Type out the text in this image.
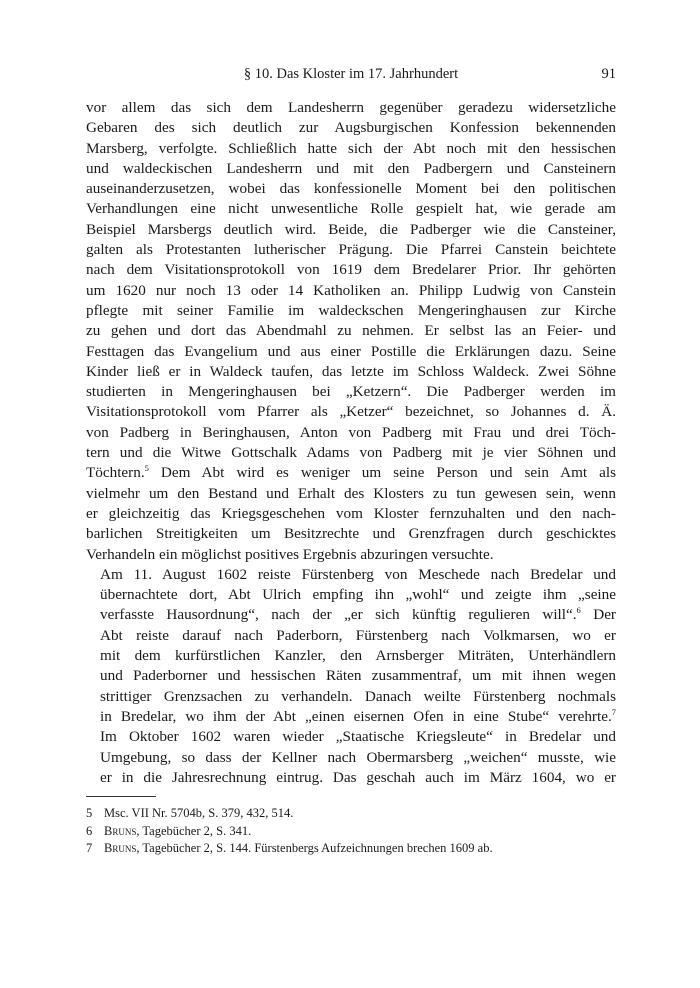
§ 10. Das Kloster im 17. Jahrhundert	91
vor allem das sich dem Landesherrn gegenüber geradezu widersetzliche
Gebaren des sich deutlich zur Augsburgischen Konfession bekennenden
Marsberg, verfolgte. Schließlich hatte sich der Abt noch mit den hessischen
und waldeckischen Landesherrn und mit den Padbergern und Cansteinern
auseinanderzusetzen, wobei das konfessionelle Moment bei den politischen
Verhandlungen eine nicht unwesentliche Rolle gespielt hat, wie gerade am
Beispiel Marsbergs deutlich wird. Beide, die Padberger wie die Cansteiner,
galten als Protestanten lutherischer Prägung. Die Pfarrei Canstein beichtete
nach dem Visitationsprotokoll von 1619 dem Bredelarer Prior. Ihr gehörten
um 1620 nur noch 13 oder 14 Katholiken an. Philipp Ludwig von Canstein
pflegte mit seiner Familie im waldeckschen Mengeringhausen zur Kirche
zu gehen und dort das Abendmahl zu nehmen. Er selbst las an Feier- und
Festtagen das Evangelium und aus einer Postille die Erklärungen dazu. Seine
Kinder ließ er in Waldeck taufen, das letzte im Schloss Waldeck. Zwei Söhne
studierten in Mengeringhausen bei „Ketzern“. Die Padberger werden im
Visitationsprotokoll vom Pfarrer als „Ketzer“ bezeichnet, so Johannes d. Ä.
von Padberg in Beringhausen, Anton von Padberg mit Frau und drei Töch-
tern und die Witwe Gottschalk Adams von Padberg mit je vier Söhnen und
Töchtern.$^5$ Dem Abt wird es weniger um seine Person und sein Amt als
vielmehr um den Bestand und Erhalt des Klosters zu tun gewesen sein, wenn
er gleichzeitig das Kriegsgeschehen vom Kloster fernzuhalten und den nach-
barlichen Streitigkeiten um Besitzrechte und Grenzfragen durch geschicktes
Verhandeln ein möglichst positives Ergebnis abzuringen versuchte.
Am 11. August 1602 reiste Fürstenberg von Meschede nach Bredelar und
übernachtete dort, Abt Ulrich empfing ihn „wohl“ und zeigte ihm „seine
verfasste Hausordnung“, nach der „er sich künftig regulieren will“.$^6$ Der
Abt reiste darauf nach Paderborn, Fürstenberg nach Volkmarsen, wo er
mit dem kurfürstlichen Kanzler, den Arnsberger Miträten, Unterhändlern
und Paderborner und hessischen Räten zusammentraf, um mit ihnen wegen
strittiger Grenzsachen zu verhandeln. Danach weilte Fürstenberg nochmals
in Bredelar, wo ihm der Abt „einen eisernen Ofen in eine Stube“ verehrte.$^7$
Im Oktober 1602 waren wieder „Staatische Kriegsleute“ in Bredelar und
Umgebung, so dass der Kellner nach Obermarsberg „weichen“ musste, wie
er in die Jahresrechnung eintrug. Das geschah auch im März 1604, wo er

5 Msc. VII Nr. 5704b, S. 379, 432, 514.

6 Bruns, Tagebücher 2, S. 341.

7 Bruns, Tagebücher 2, S. 144. Fürstenbergs Aufzeichnungen brechen 1609 ab.
